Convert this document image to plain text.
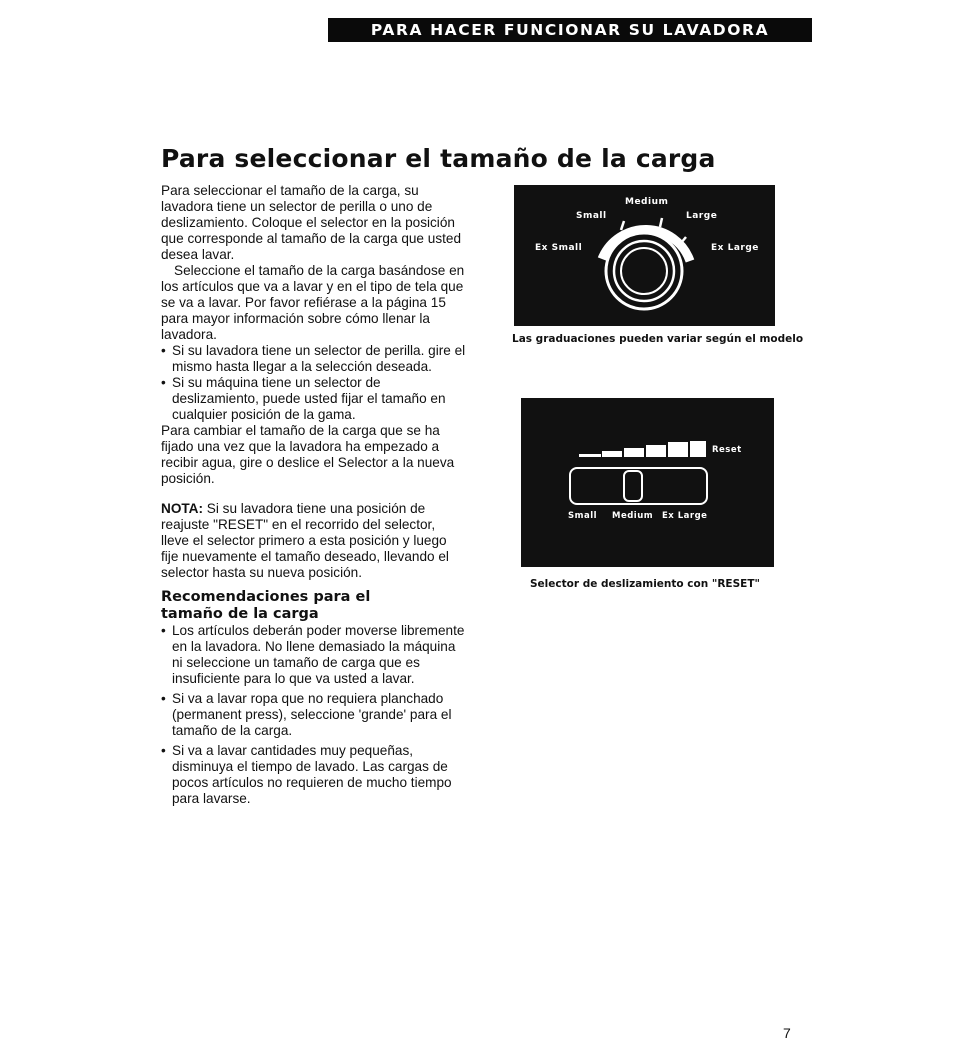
PARA HACER FUNCIONAR SU LAVADORA
Para seleccionar el tamaño de la carga

Para seleccionar el tamaño de la carga, su lavadora tiene un selector de perilla o uno de deslizamiento. Coloque el selector en la posición que corresponde al tamaño de la carga que usted desea lavar.

Seleccione el tamaño de la carga basándose en los artículos que va a lavar y en el tipo de tela que se va a lavar. Por favor refiérase a la página 15 para mayor información sobre cómo llenar la lavadora.

• Si su lavadora tiene un selector de perilla. gire el mismo hasta llegar a la selección deseada.

• Si su máquina tiene un selector de deslizamiento, puede usted fijar el tamaño en cualquier posición de la gama.

Para cambiar el tamaño de la carga que se ha fijado una vez que la lavadora ha empezado a recibir agua, gire o deslice el Selector a la nueva posición.

NOTA: Si su lavadora tiene una posición de reajuste "RESET" en el recorrido del selector, lleve el selector primero a esta posición y luego fije nuevamente el tamaño deseado, llevando el selector hasta su nueva posición.

Recomendaciones para el
tamaño de la carga

• Los artículos deberán poder moverse libremente en la lavadora. No llene demasiado la máquina ni seleccione un tamaño de carga que es insuficiente para lo que va usted a lavar.

• Si va a lavar ropa que no requiera planchado (permanent press), seleccione 'grande' para el tamaño de la carga.

• Si va a lavar cantidades muy pequeñas, disminuya el tiempo de lavado. Las cargas de pocos artículos no requieren de mucho tiempo para lavarse.

Medium
Small	Large
Ex Small	Ex Large
Las graduaciones pueden variar según el modelo
Reset
Small Medium Ex Large
Selector de deslizamiento con "RESET"
7
